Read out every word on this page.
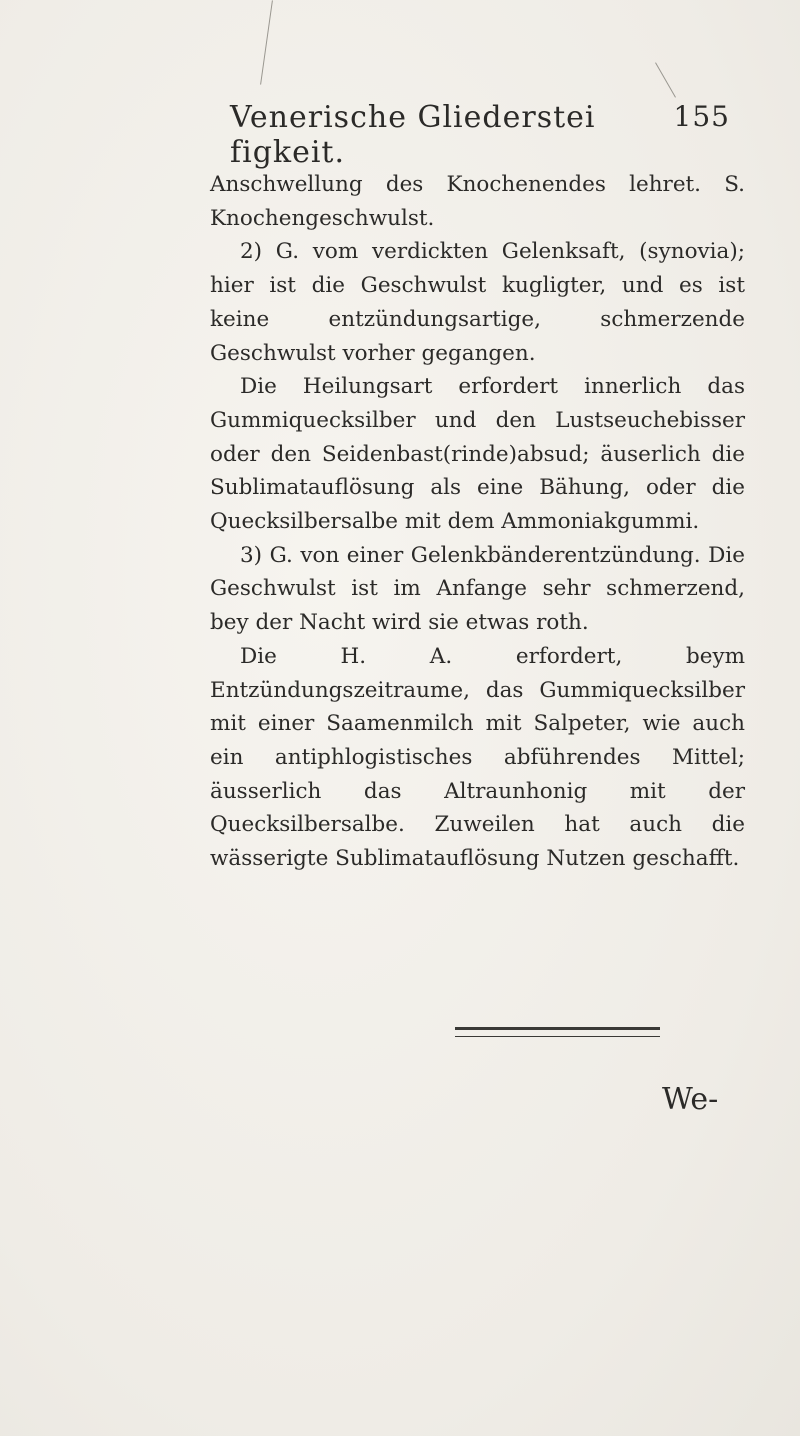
Venerische Gliederstei​figkeit.
155

Anschwellung des Knochenendes lehret. S. Knochengeschwulst.

2) G. vom verdickten Gelenksaft, (synovia); hier ist die Geschwulst kugligter, und es ist keine entzündungsartige, schmerzende Geschwulst vorher gegangen.

Die Heilungsart erfordert innerlich das Gummiquecksilber und den Lustseuchebisser oder den Seidenbast(rinde)absud; äuserlich die Sublimatauflösung als eine Bähung, oder die Quecksilbersalbe mit dem Ammoniakgummi.

3) G. von einer Gelenkbänderentzündung. Die Geschwulst ist im Anfange sehr schmerzend, bey der Nacht wird sie etwas roth.

Die H. A. erfordert, beym Entzündungszeitraume, das Gummiquecksilber mit einer Saamenmilch mit Salpeter, wie auch ein antiphlogistisches abführendes Mittel; äusserlich das Altraunhonig mit der Quecksilbersalbe. Zuweilen hat auch die wässerigte Sublimatauflösung Nutzen geschafft.

We-
